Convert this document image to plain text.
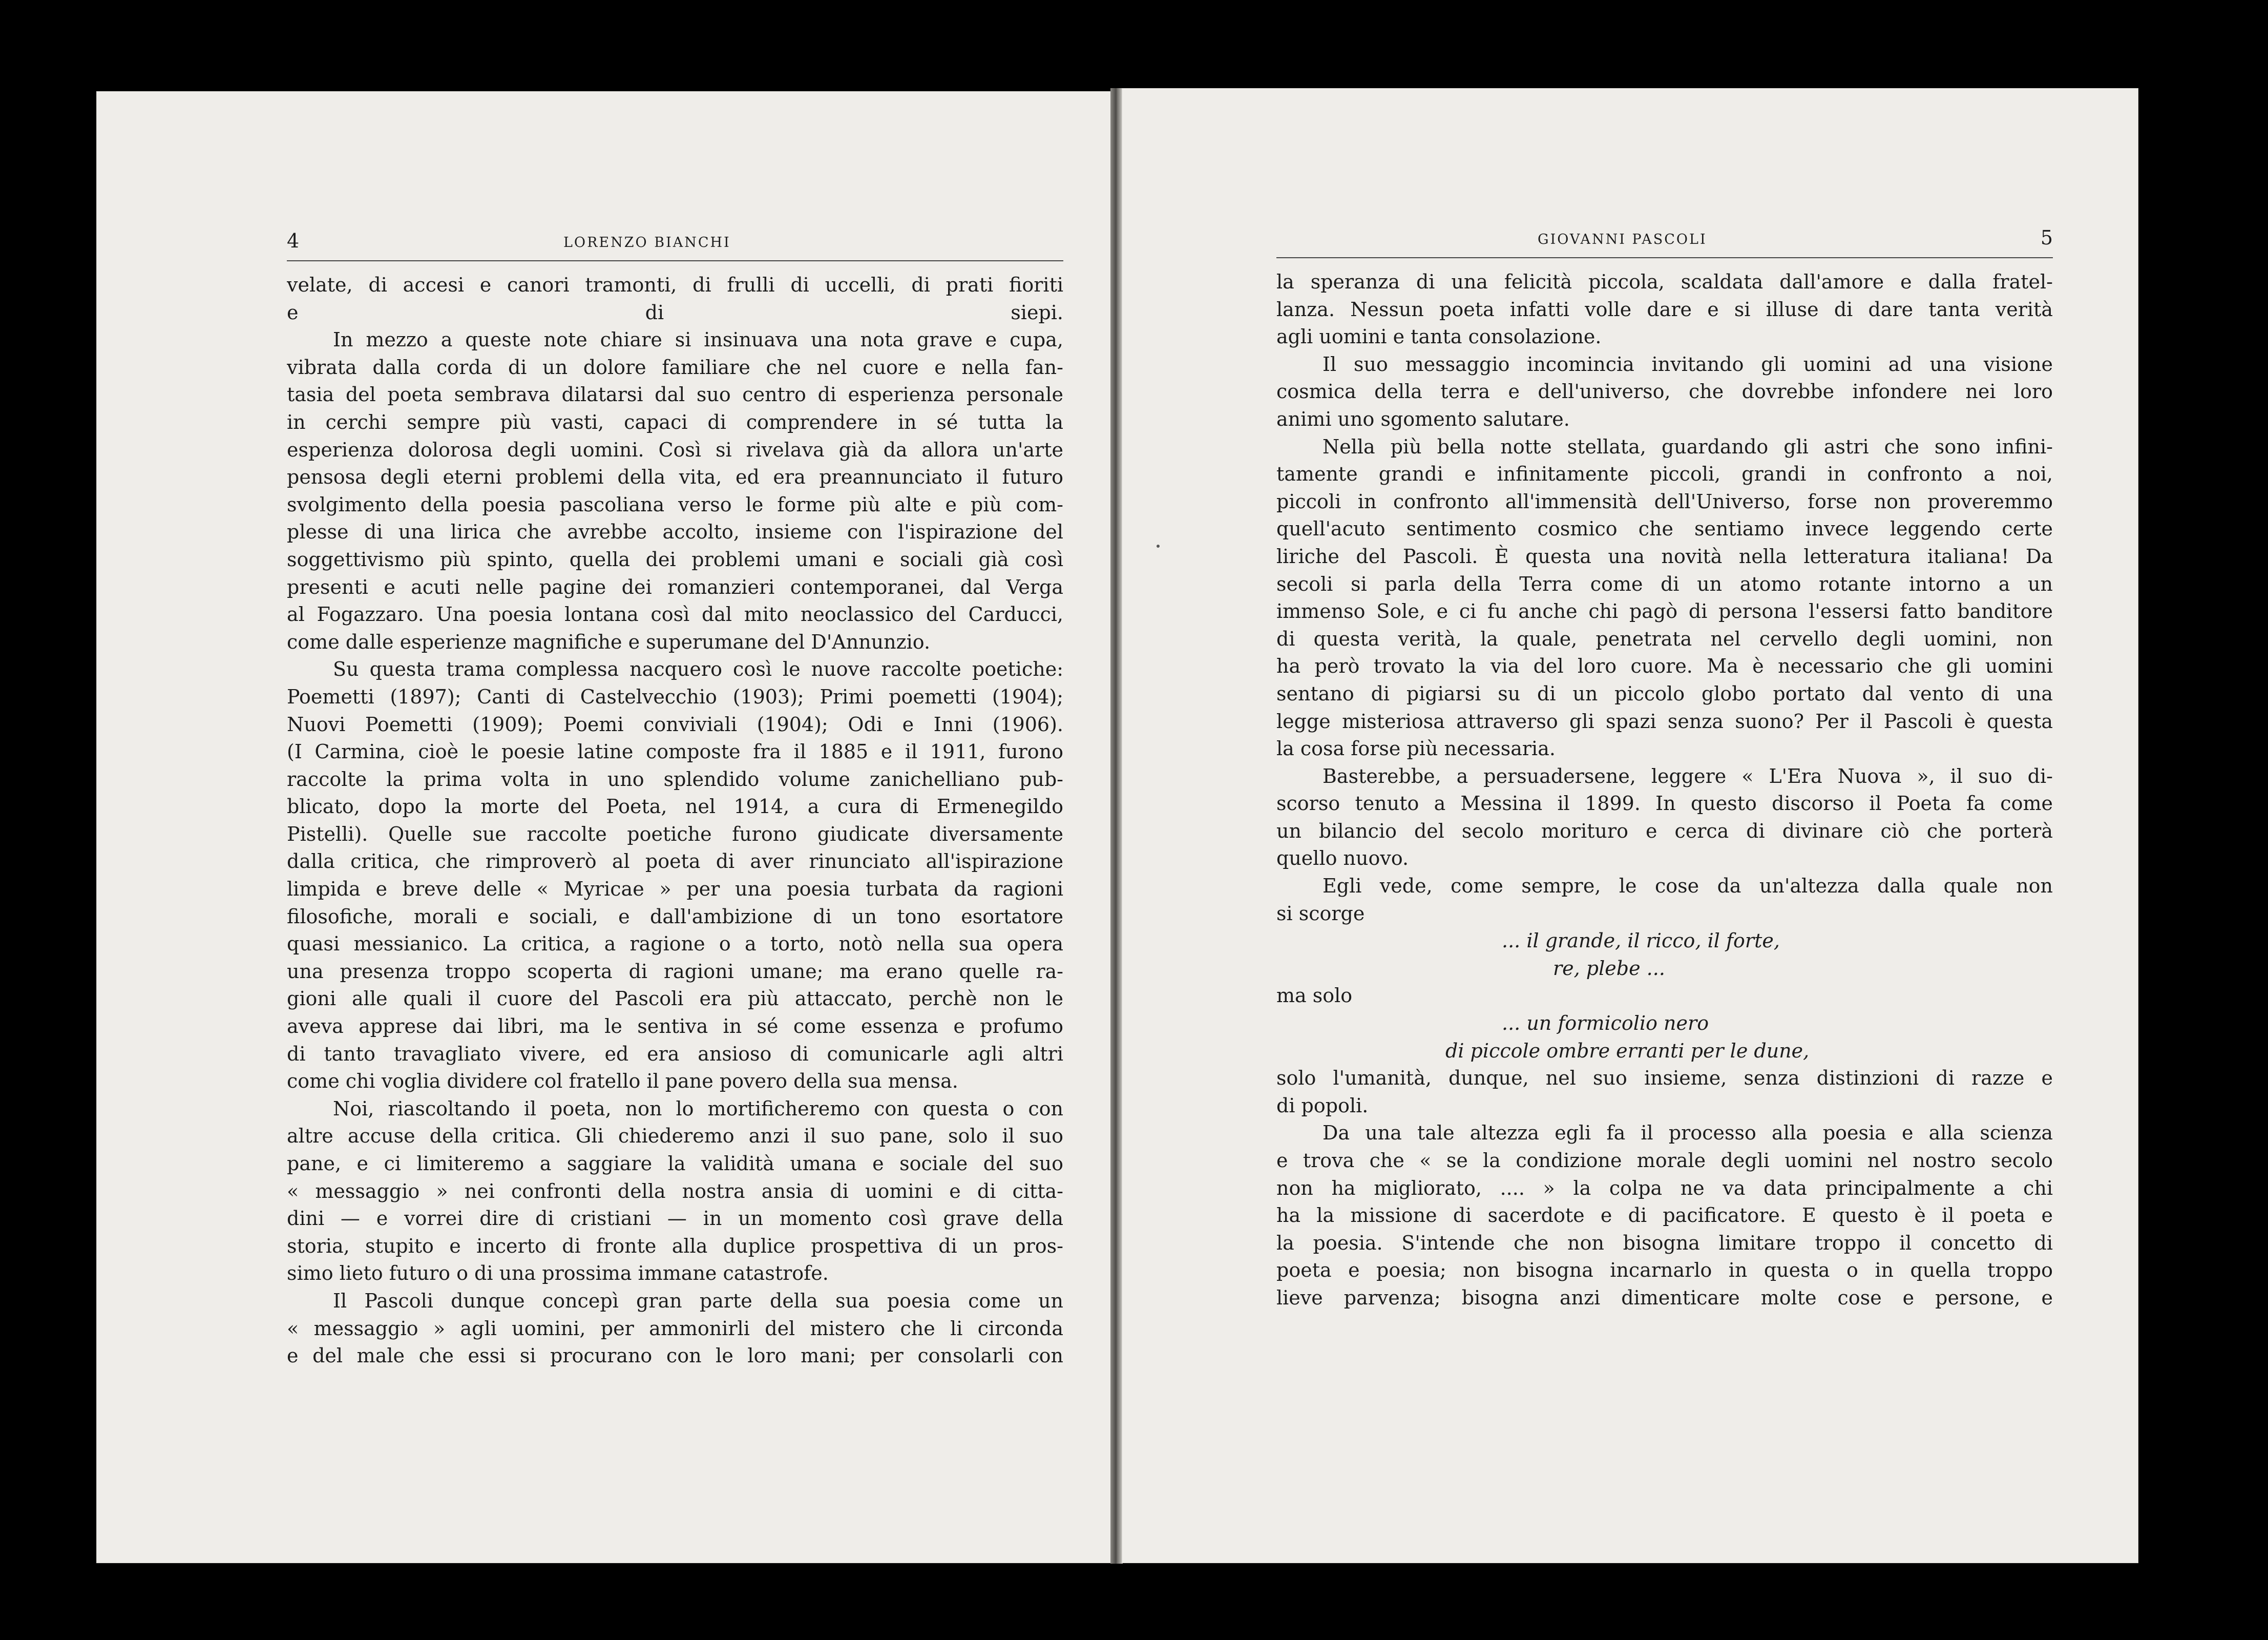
4	LORENZO BIANCHI
velate, di accesi e canori tramonti, di frulli di uccelli, di prati fioriti
e di siepi.
In mezzo a queste note chiare si insinuava una nota grave e cupa,
vibrata dalla corda di un dolore familiare che nel cuore e nella fan-
tasia del poeta sembrava dilatarsi dal suo centro di esperienza personale
in cerchi sempre più vasti, capaci di comprendere in sé tutta la
esperienza dolorosa degli uomini. Così si rivelava già da allora un'arte
pensosa degli eterni problemi della vita, ed era preannunciato il futuro
svolgimento della poesia pascoliana verso le forme più alte e più com-
plesse di una lirica che avrebbe accolto, insieme con l'ispirazione del
soggettivismo più spinto, quella dei problemi umani e sociali già così
presenti e acuti nelle pagine dei romanzieri contemporanei, dal Verga
al Fogazzaro. Una poesia lontana così dal mito neoclassico del Carducci,
come dalle esperienze magnifiche e superumane del D'Annunzio.
Su questa trama complessa nacquero così le nuove raccolte poetiche:
Poemetti (1897); Canti di Castelvecchio (1903); Primi poemetti (1904);
Nuovi Poemetti (1909); Poemi conviviali (1904); Odi e Inni (1906).
(I Carmina, cioè le poesie latine composte fra il 1885 e il 1911, furono
raccolte la prima volta in uno splendido volume zanichelliano pub-
blicato, dopo la morte del Poeta, nel 1914, a cura di Ermenegildo
Pistelli). Quelle sue raccolte poetiche furono giudicate diversamente
dalla critica, che rimproverò al poeta di aver rinunciato all'ispirazione
limpida e breve delle « Myricae » per una poesia turbata da ragioni
filosofiche, morali e sociali, e dall'ambizione di un tono esortatore
quasi messianico. La critica, a ragione o a torto, notò nella sua opera
una presenza troppo scoperta di ragioni umane; ma erano quelle ra-
gioni alle quali il cuore del Pascoli era più attaccato, perchè non le
aveva apprese dai libri, ma le sentiva in sé come essenza e profumo
di tanto travagliato vivere, ed era ansioso di comunicarle agli altri
come chi voglia dividere col fratello il pane povero della sua mensa.
Noi, riascoltando il poeta, non lo mortificheremo con questa o con
altre accuse della critica. Gli chiederemo anzi il suo pane, solo il suo
pane, e ci limiteremo a saggiare la validità umana e sociale del suo
« messaggio » nei confronti della nostra ansia di uomini e di citta-
dini — e vorrei dire di cristiani — in un momento così grave della
storia, stupito e incerto di fronte alla duplice prospettiva di un pros-
simo lieto futuro o di una prossima immane catastrofe.
Il Pascoli dunque concepì gran parte della sua poesia come un
« messaggio » agli uomini, per ammonirli del mistero che li circonda
e del male che essi si procurano con le loro mani; per consolarli con
GIOVANNI PASCOLI	5
la speranza di una felicità piccola, scaldata dall'amore e dalla fratel-
lanza. Nessun poeta infatti volle dare e si illuse di dare tanta verità
agli uomini e tanta consolazione.
Il suo messaggio incomincia invitando gli uomini ad una visione
cosmica della terra e dell'universo, che dovrebbe infondere nei loro
animi uno sgomento salutare.
Nella più bella notte stellata, guardando gli astri che sono infini-
tamente grandi e infinitamente piccoli, grandi in confronto a noi,
piccoli in confronto all'immensità dell'Universo, forse non proveremmo
quell'acuto sentimento cosmico che sentiamo invece leggendo certe
liriche del Pascoli. È questa una novità nella letteratura italiana! Da
secoli si parla della Terra come di un atomo rotante intorno a un
immenso Sole, e ci fu anche chi pagò di persona l'essersi fatto banditore
di questa verità, la quale, penetrata nel cervello degli uomini, non
ha però trovato la via del loro cuore. Ma è necessario che gli uomini
sentano di pigiarsi su di un piccolo globo portato dal vento di una
legge misteriosa attraverso gli spazi senza suono? Per il Pascoli è questa
la cosa forse più necessaria.
Basterebbe, a persuadersene, leggere « L'Era Nuova », il suo di-
scorso tenuto a Messina il 1899. In questo discorso il Poeta fa come
un bilancio del secolo morituro e cerca di divinare ciò che porterà
quello nuovo.
Egli vede, come sempre, le cose da un'altezza dalla quale non
si scorge
... il grande, il ricco, il forte,
re, plebe ...
ma solo
... un formicolio nero
di piccole ombre erranti per le dune,
solo l'umanità, dunque, nel suo insieme, senza distinzioni di razze e
di popoli.
Da una tale altezza egli fa il processo alla poesia e alla scienza
e trova che « se la condizione morale degli uomini nel nostro secolo
non ha migliorato, .... » la colpa ne va data principalmente a chi
ha la missione di sacerdote e di pacificatore. E questo è il poeta e
la poesia. S'intende che non bisogna limitare troppo il concetto di
poeta e poesia; non bisogna incarnarlo in questa o in quella troppo
lieve parvenza; bisogna anzi dimenticare molte cose e persone, e
